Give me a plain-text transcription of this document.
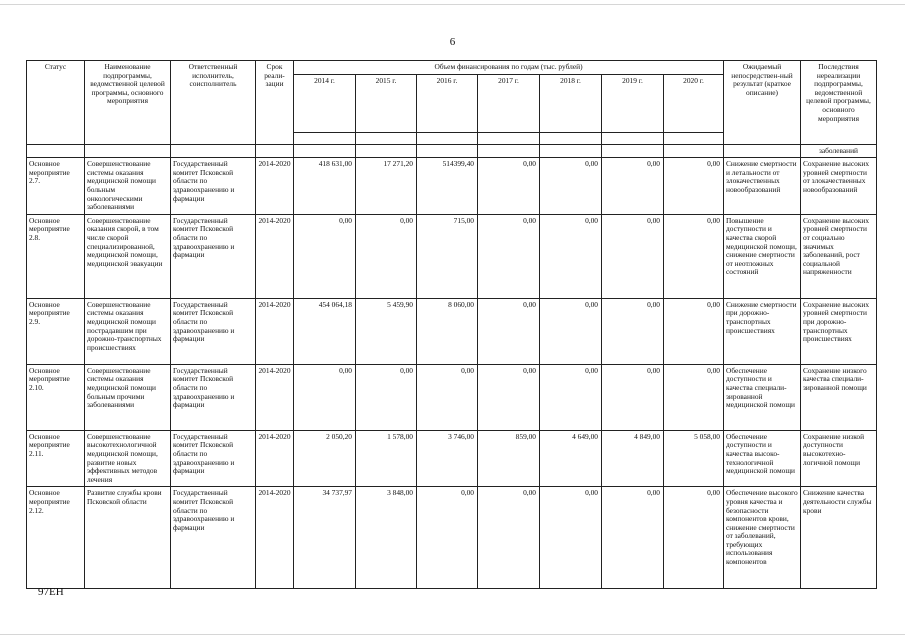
6
Статус	Наименование подпрограммы, ведомственной целевой программы, основного мероприятия	Ответственный исполнитель, соисполнитель	Срок реали-зации	Объем финансирования по годам (тыс. рублей)							Ожидаемый непосредствен-ный результат (краткое описание)	Последствия нереализации подпрограммы, ведомственной целевой программы, основного мероприятия
				2014 г.	2015 г.	2016 г.	2017 г.	2018 г.	2019 г.	2020 г.		

												заболеваний
Основное мероприятие 2.7.	Совершенствование системы оказания медицинской помощи больным онкологическими заболеваниями	Государственный комитет Псковской области по здравоохранению и фармации	2014-2020	418 631,00	17 271,20	514399,40	0,00	0,00	0,00	0,00	Снижение смертности и летальности от злокачественных новообразований	Сохранение высоких уровней смертности от злокачественных новообразований
Основное мероприятие 2.8.	Совершенствование оказания скорой, в том числе скорой специализированной, медицинской помощи, медицинской эвакуации	Государственный комитет Псковской области по здравоохранению и фармации	2014-2020	0,00	0,00	715,00	0,00	0,00	0,00	0,00	Повышение доступности и качества скорой медицинской помощи, снижение смертности от неотложных состояний	Сохранение высоких уровней смертности от социально значимых заболеваний, рост социальной напряженности
Основное мероприятие 2.9.	Совершенствование системы оказания медицинской помощи пострадавшим при дорожно-транспортных происшествиях	Государственный комитет Псковской области по здравоохранению и фармации	2014-2020	454 064,18	5 459,90	8 060,00	0,00	0,00	0,00	0,00	Снижение смертности при дорожно-транспортных происшествиях	Сохранение высоких уровней смертности при дорожно-транспортных происшествиях
Основное мероприятие 2.10.	Совершенствование системы оказания медицинской помощи больным прочими заболеваниями	Государственный комитет Псковской области по здравоохранению и фармации	2014-2020	0,00	0,00	0,00	0,00	0,00	0,00	0,00	Обеспечение доступности и качества специали-зированной медицинской помощи	Сохранение низкого качества специали-зированной помощи
Основное мероприятие 2.11.	Совершенствование высокотехнологичной медицинской помощи, развитие новых эффективных методов лечения	Государственный комитет Псковской области по здравоохранению и фармации	2014-2020	2 050,20	1 578,00	3 746,00	859,00	4 649,00	4 849,00	5 058,00	Обеспечение доступности и качества высоко-технологичной медицинской помощи	Сохранение низкой доступности высокотехно-логичной помощи
Основное мероприятие 2.12.	Развитие службы крови Псковской области	Государственный комитет Псковской области по здравоохранению и фармации	2014-2020	34 737,97	3 848,00	0,00	0,00	0,00	0,00	0,00	Обеспечение высокого уровня качества и безопасности компонентов крови, снижение смертности от заболеваний, требующих использования компонентов	Снижение качества деятельности службы крови
97EH
